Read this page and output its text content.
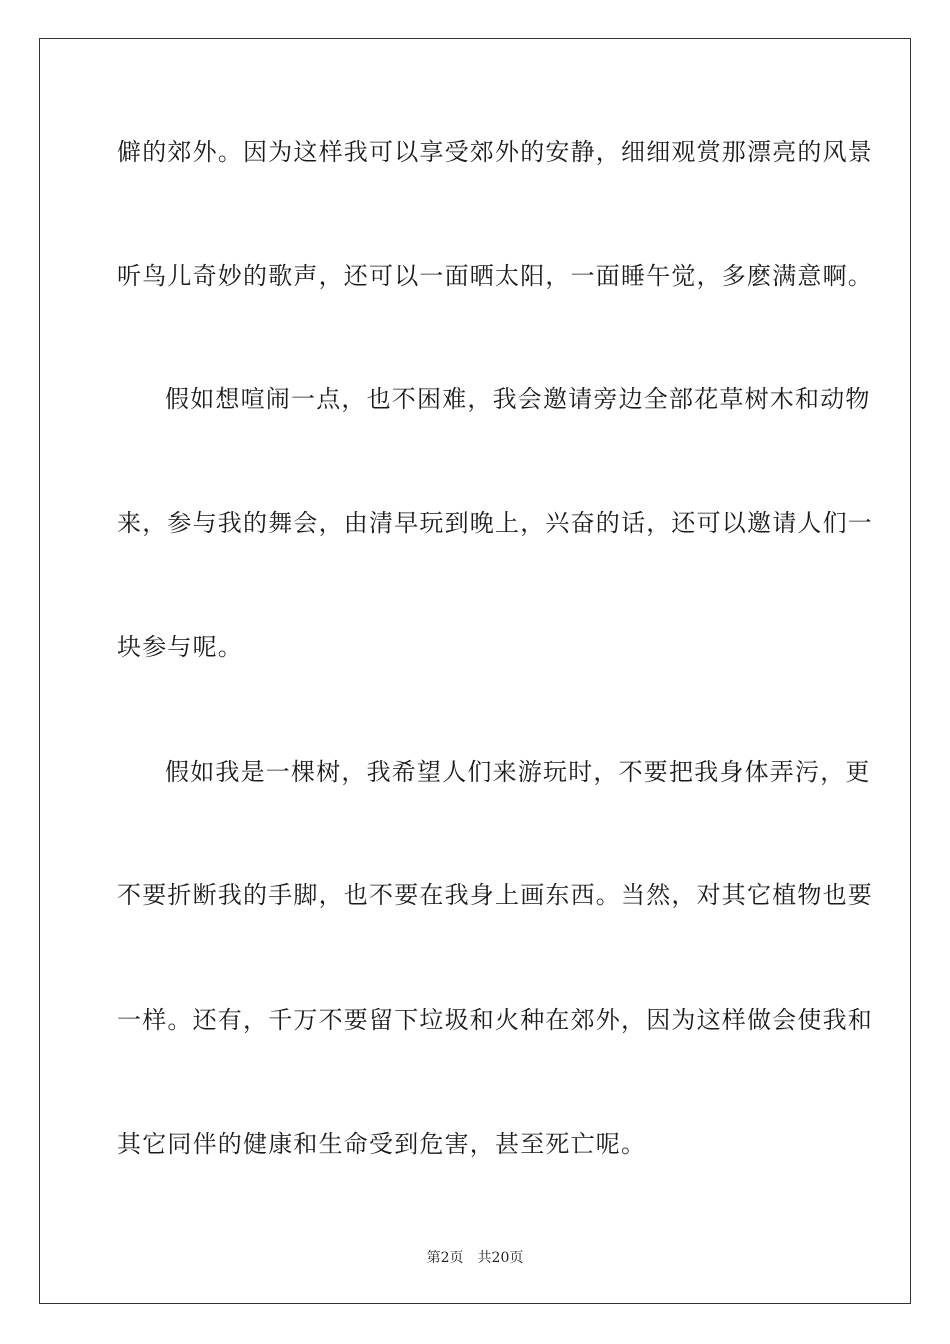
僻的郊外。因为这样我可以享受郊外的安静，细细观赏那漂亮的风景
听鸟儿奇妙的歌声，还可以一面晒太阳，一面睡午觉，多麽满意啊。
假如想喧闹一点，也不困难，我会邀请旁边全部花草树木和动物
来，参与我的舞会，由清早玩到晚上，兴奋的话，还可以邀请人们一
块参与呢。
假如我是一棵树，我希望人们来游玩时，不要把我身体弄污，更
不要折断我的手脚，也不要在我身上画东西。当然，对其它植物也要
一样。还有，千万不要留下垃圾和火种在郊外，因为这样做会使我和
其它同伴的健康和生命受到危害，甚至死亡呢。
第2页 共20页
